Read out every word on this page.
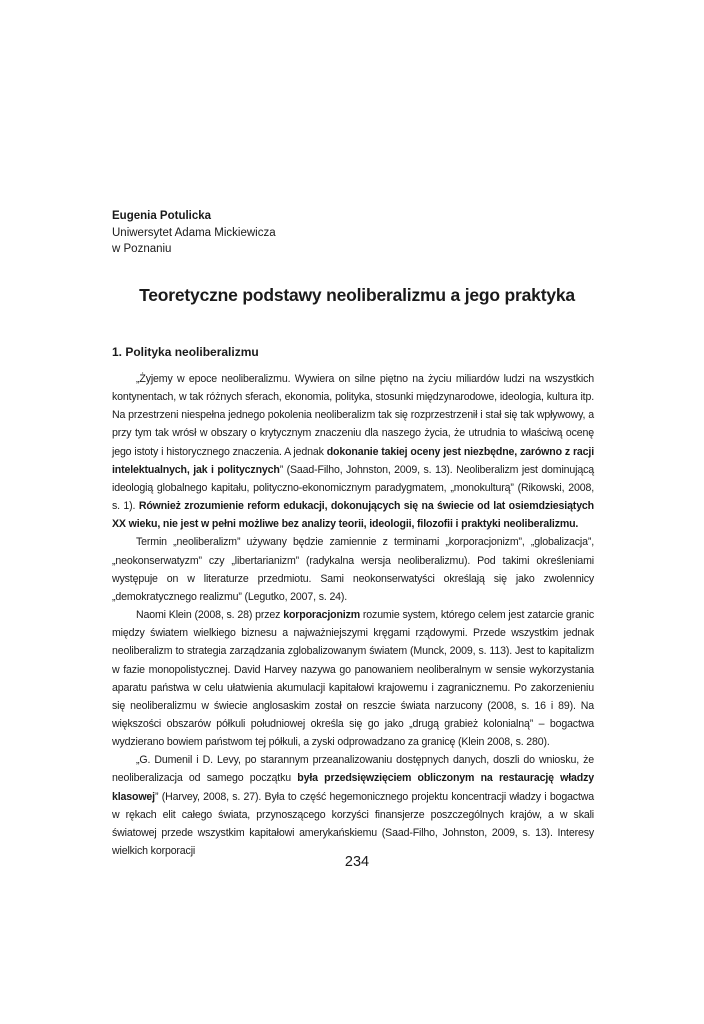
Eugenia Potulicka
Uniwersytet Adama Mickiewicza
w Poznaniu
Teoretyczne podstawy neoliberalizmu a jego praktyka
1. Polityka neoliberalizmu

„Żyjemy w epoce neoliberalizmu. Wywiera on silne piętno na życiu miliardów ludzi na wszystkich kontynentach, w tak różnych sferach, ekonomia, polityka, stosunki międzynarodowe, ideologia, kultura itp. Na przestrzeni niespełna jednego pokolenia neoliberalizm tak się rozprzestrzenił i stał się tak wpływowy, a przy tym tak wrósł w obszary o krytycznym znaczeniu dla naszego życia, że utrudnia to właściwą ocenę jego istoty i historycznego znaczenia. A jednak dokonanie takiej oceny jest niezbędne, zarówno z racji intelektualnych, jak i politycznych” (Saad-Filho, Johnston, 2009, s. 13). Neoliberalizm jest dominującą ideologią globalnego kapitału, polityczno-ekonomicznym paradygmatem, „monokulturą” (Rikowski, 2008, s. 1). Również zrozumienie reform edukacji, dokonujących się na świecie od lat osiemdziesiątych XX wieku, nie jest w pełni możliwe bez analizy teorii, ideologii, filozofii i praktyki neoliberalizmu.

Termin „neoliberalizm” używany będzie zamiennie z terminami „korporacjonizm”, „globalizacja”, „neokonserwatyzm” czy „libertarianizm” (radykalna wersja neoliberalizmu). Pod takimi określeniami występuje on w literaturze przedmiotu. Sami neokonserwatyści określają się jako zwolennicy „demokratycznego realizmu” (Legutko, 2007, s. 24).

Naomi Klein (2008, s. 28) przez korporacjonizm rozumie system, którego celem jest zatarcie granic między światem wielkiego biznesu a najważniejszymi kręgami rządowymi. Przede wszystkim jednak neoliberalizm to strategia zarządzania zglobalizowanym światem (Munck, 2009, s. 113). Jest to kapitalizm w fazie monopolistycznej. David Harvey nazywa go panowaniem neoliberalnym w sensie wykorzystania aparatu państwa w celu ułatwienia akumulacji kapitałowi krajowemu i zagranicznemu. Po zakorzenieniu się neoliberalizmu w świecie anglosaskim został on reszcie świata narzucony (2008, s. 16 i 89). Na większości obszarów półkuli południowej określa się go jako „drugą grabież kolonialną” – bogactwa wydzierano bowiem państwom tej półkuli, a zyski odprowadzano za granicę (Klein 2008, s. 280).

„G. Dumenil i D. Levy, po starannym przeanalizowaniu dostępnych danych, doszli do wniosku, że neoliberalizacja od samego początku była przedsięwzięciem obliczonym na restaurację władzy klasowej” (Harvey, 2008, s. 27). Była to część hegemonicznego projektu koncentracji władzy i bogactwa w rękach elit całego świata, przynoszącego korzyści finansjerze poszczególnych krajów, a w skali światowej przede wszystkim kapitałowi amerykańskiemu (Saad-Filho, Johnston, 2009, s. 13). Interesy wielkich korporacji

234
